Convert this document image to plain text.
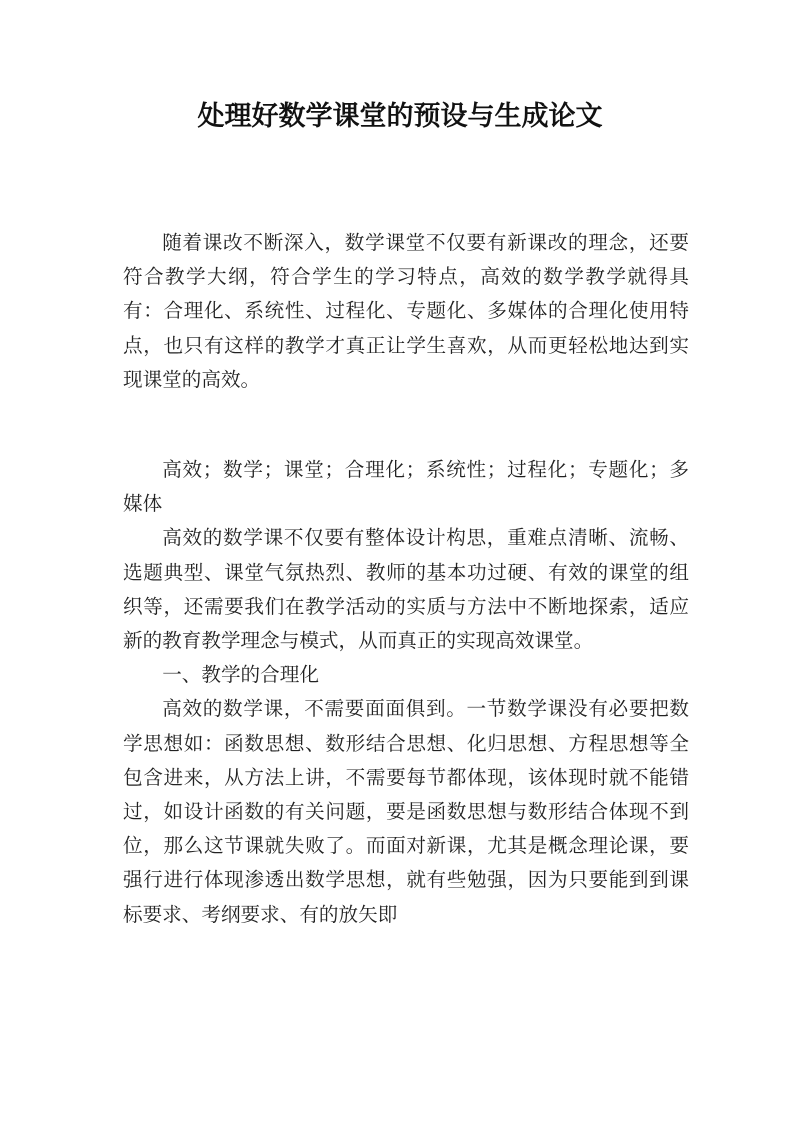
处理好数学课堂的预设与生成论文

随着课改不断深入，数学课堂不仅要有新课改的理念，还要符合教学大纲，符合学生的学习特点，高效的数学教学就得具有：合理化、系统性、过程化、专题化、多媒体的合理化使用特点，也只有这样的教学才真正让学生喜欢，从而更轻松地达到实现课堂的高效。

高效；数学；课堂；合理化；系统性；过程化；专题化；多媒体

高效的数学课不仅要有整体设计构思，重难点清晰、流畅、选题典型、课堂气氛热烈、教师的基本功过硬、有效的课堂的组织等，还需要我们在教学活动的实质与方法中不断地探索，适应新的教育教学理念与模式，从而真正的实现高效课堂。

一、教学的合理化

高效的数学课，不需要面面俱到。一节数学课没有必要把数学思想如：函数思想、数形结合思想、化归思想、方程思想等全包含进来，从方法上讲，不需要每节都体现，该体现时就不能错过，如设计函数的有关问题，要是函数思想与数形结合体现不到位，那么这节课就失败了。而面对新课，尤其是概念理论课，要强行进行体现渗透出数学思想，就有些勉强，因为只要能到到课标要求、考纲要求、有的放矢即
